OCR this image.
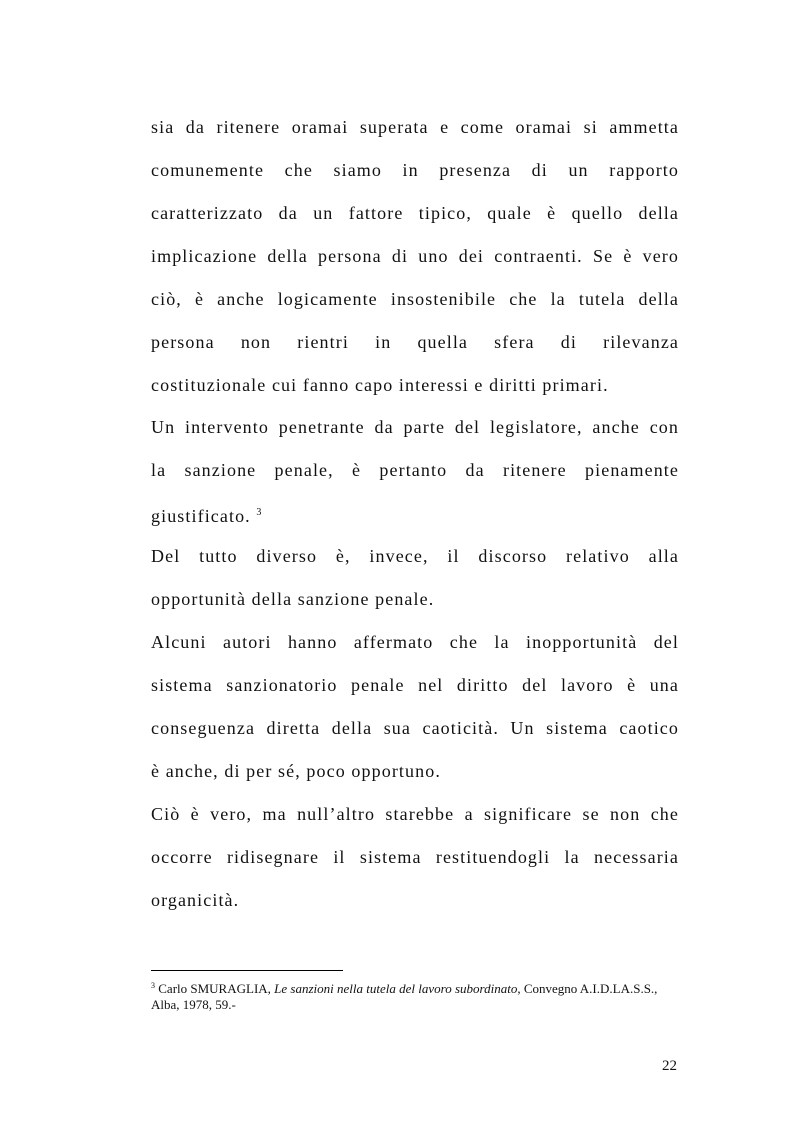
sia da ritenere oramai superata e come oramai si ammetta
comunemente che siamo in presenza di un rapporto
caratterizzato da un fattore tipico, quale è quello della
implicazione della persona di uno dei contraenti. Se è vero
ciò, è anche logicamente insostenibile che la tutela della
persona non rientri in quella sfera di rilevanza
costituzionale cui fanno capo interessi e diritti primari.
Un intervento penetrante da parte del legislatore, anche con
la sanzione penale, è pertanto da ritenere pienamente
giustificato. $^3$
Del tutto diverso è, invece, il discorso relativo alla
opportunità della sanzione penale.
Alcuni autori hanno affermato che la inopportunità del
sistema sanzionatorio penale nel diritto del lavoro è una
conseguenza diretta della sua caoticità. Un sistema caotico
è anche, di per sé, poco opportuno.
Ciò è vero, ma null’altro starebbe a significare se non che
occorre ridisegnare il sistema restituendogli la necessaria
organicità.
$^3$ Carlo SMURAGLIA, Le sanzioni nella tutela del lavoro subordinato, Convegno A.I.D.LA.S.S.,
Alba, 1978, 59.-
22
